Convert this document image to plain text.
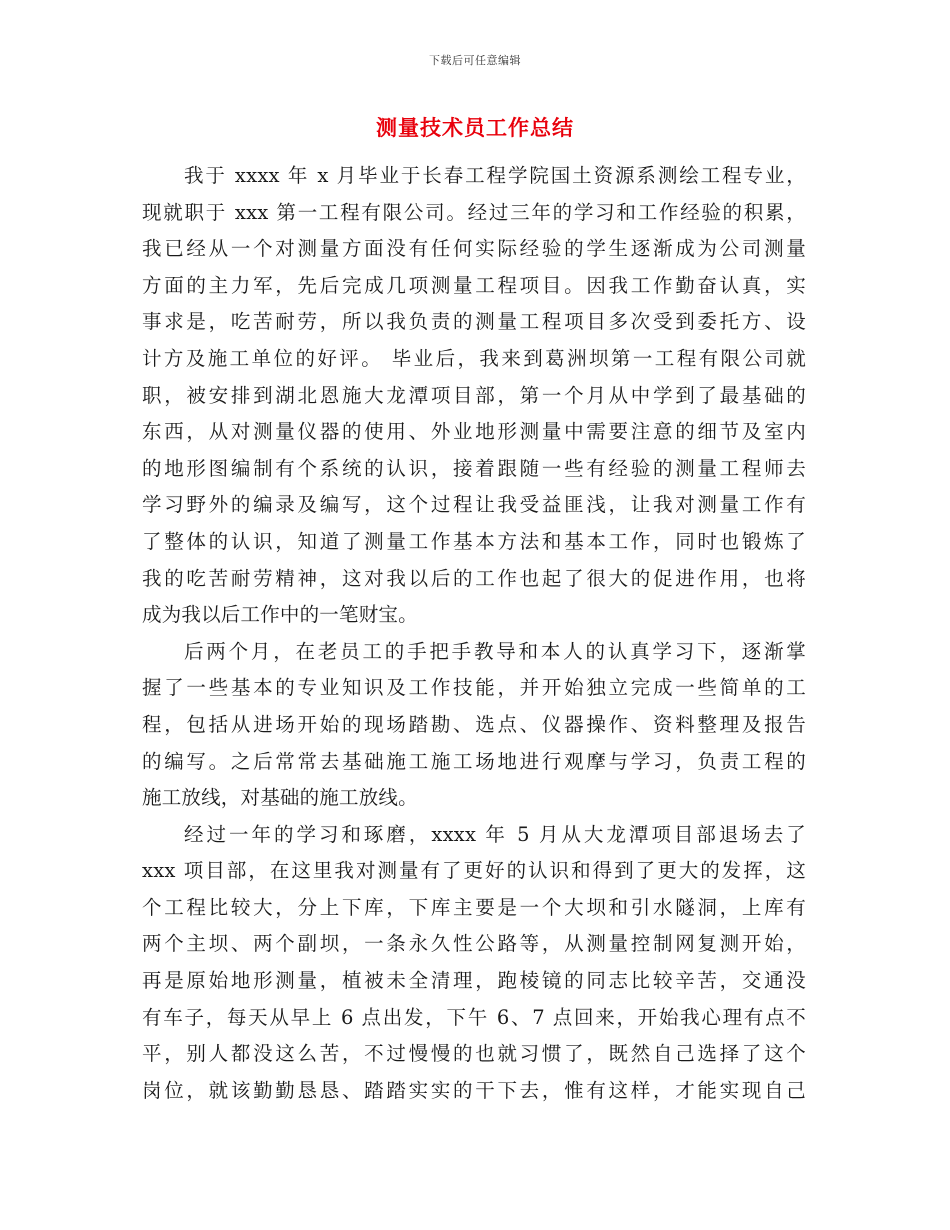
下载后可任意编辑
测量技术员工作总结
我于 xxxx 年 x 月毕业于长春工程学院国土资源系测绘工程专业，
现就职于 xxx 第一工程有限公司。经过三年的学习和工作经验的积累，
我已经从一个对测量方面没有任何实际经验的学生逐渐成为公司测量
方面的主力军，先后完成几项测量工程项目。因我工作勤奋认真，实
事求是，吃苦耐劳，所以我负责的测量工程项目多次受到委托方、设
计方及施工单位的好评。 毕业后，我来到葛洲坝第一工程有限公司就
职，被安排到湖北恩施大龙潭项目部，第一个月从中学到了最基础的
东西，从对测量仪器的使用、外业地形测量中需要注意的细节及室内
的地形图编制有个系统的认识，接着跟随一些有经验的测量工程师去
学习野外的编录及编写，这个过程让我受益匪浅，让我对测量工作有
了整体的认识，知道了测量工作基本方法和基本工作，同时也锻炼了
我的吃苦耐劳精神，这对我以后的工作也起了很大的促进作用，也将
成为我以后工作中的一笔财宝。
后两个月，在老员工的手把手教导和本人的认真学习下，逐渐掌
握了一些基本的专业知识及工作技能，并开始独立完成一些简单的工
程，包括从进场开始的现场踏勘、选点、仪器操作、资料整理及报告
的编写。之后常常去基础施工施工场地进行观摩与学习，负责工程的
施工放线，对基础的施工放线。
经过一年的学习和琢磨，xxxx 年 5 月从大龙潭项目部退场去了
xxx 项目部，在这里我对测量有了更好的认识和得到了更大的发挥，这
个工程比较大，分上下库，下库主要是一个大坝和引水隧洞，上库有
两个主坝、两个副坝，一条永久性公路等，从测量控制网复测开始，
再是原始地形测量，植被未全清理，跑棱镜的同志比较辛苦，交通没
有车子，每天从早上 6 点出发，下午 6、7 点回来，开始我心理有点不
平，别人都没这么苦，不过慢慢的也就习惯了，既然自己选择了这个
岗位，就该勤勤恳恳、踏踏实实的干下去，惟有这样，才能实现自己
